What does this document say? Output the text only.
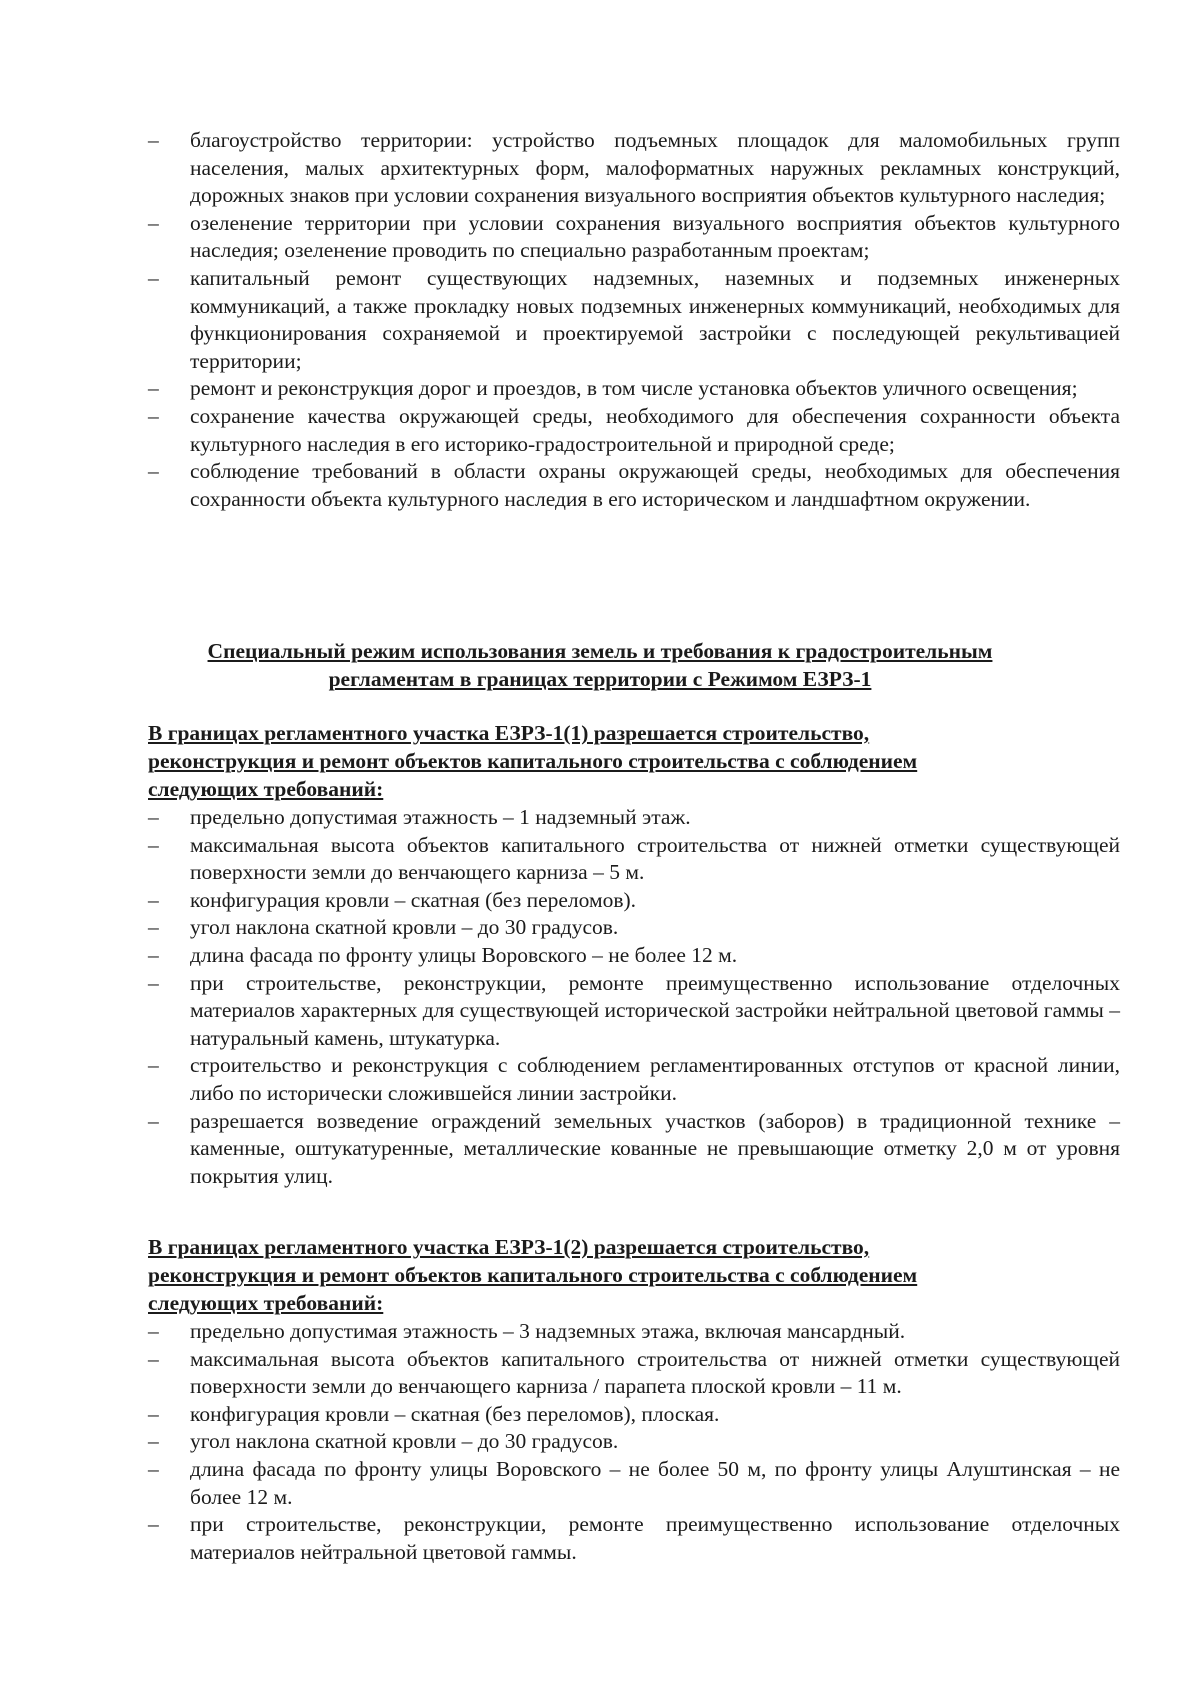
– благоустройство территории: устройство подъемных площадок для маломобильных групп населения, малых архитектурных форм, малоформатных наружных рекламных конструкций, дорожных знаков при условии сохранения визуального восприятия объектов культурного наследия;
– озеленение территории при условии сохранения визуального восприятия объектов культурного наследия; озеленение проводить по специально разработанным проектам;
– капитальный ремонт существующих надземных, наземных и подземных инженерных коммуникаций, а также прокладку новых подземных инженерных коммуникаций, необходимых для функционирования сохраняемой и проектируемой застройки с последующей рекультивацией территории;
– ремонт и реконструкция дорог и проездов, в том числе установка объектов уличного освещения;
– сохранение качества окружающей среды, необходимого для обеспечения сохранности объекта культурного наследия в его историко-градостроительной и природной среде;
– соблюдение требований в области охраны окружающей среды, необходимых для обеспечения сохранности объекта культурного наследия в его историческом и ландшафтном окружении.
Специальный режим использования земель и требования к градостроительным
регламентам в границах территории с Режимом ЕЗРЗ-1
В границах регламентного участка ЕЗРЗ-1(1) разрешается строительство,
реконструкция и ремонт объектов капитального строительства с соблюдением
следующих требований:
– предельно допустимая этажность – 1 надземный этаж.
– максимальная высота объектов капитального строительства от нижней отметки существующей поверхности земли до венчающего карниза – 5 м.
– конфигурация кровли – скатная (без переломов).
– угол наклона скатной кровли – до 30 градусов.
– длина фасада по фронту улицы Воровского – не более 12 м.
– при строительстве, реконструкции, ремонте преимущественно использование отделочных материалов характерных для существующей исторической застройки нейтральной цветовой гаммы – натуральный камень, штукатурка.
– строительство и реконструкция с соблюдением регламентированных отступов от красной линии, либо по исторически сложившейся линии застройки.
– разрешается возведение ограждений земельных участков (заборов) в традиционной технике – каменные, оштукатуренные, металлические кованные не превышающие отметку 2,0 м от уровня покрытия улиц.
В границах регламентного участка ЕЗРЗ-1(2) разрешается строительство,
реконструкция и ремонт объектов капитального строительства с соблюдением
следующих требований:
– предельно допустимая этажность – 3 надземных этажа, включая мансардный.
– максимальная высота объектов капитального строительства от нижней отметки существующей поверхности земли до венчающего карниза / парапета плоской кровли – 11 м.
– конфигурация кровли – скатная (без переломов), плоская.
– угол наклона скатной кровли – до 30 градусов.
– длина фасада по фронту улицы Воровского – не более 50 м, по фронту улицы Алуштинская – не более 12 м.
– при строительстве, реконструкции, ремонте преимущественно использование отделочных материалов нейтральной цветовой гаммы.
